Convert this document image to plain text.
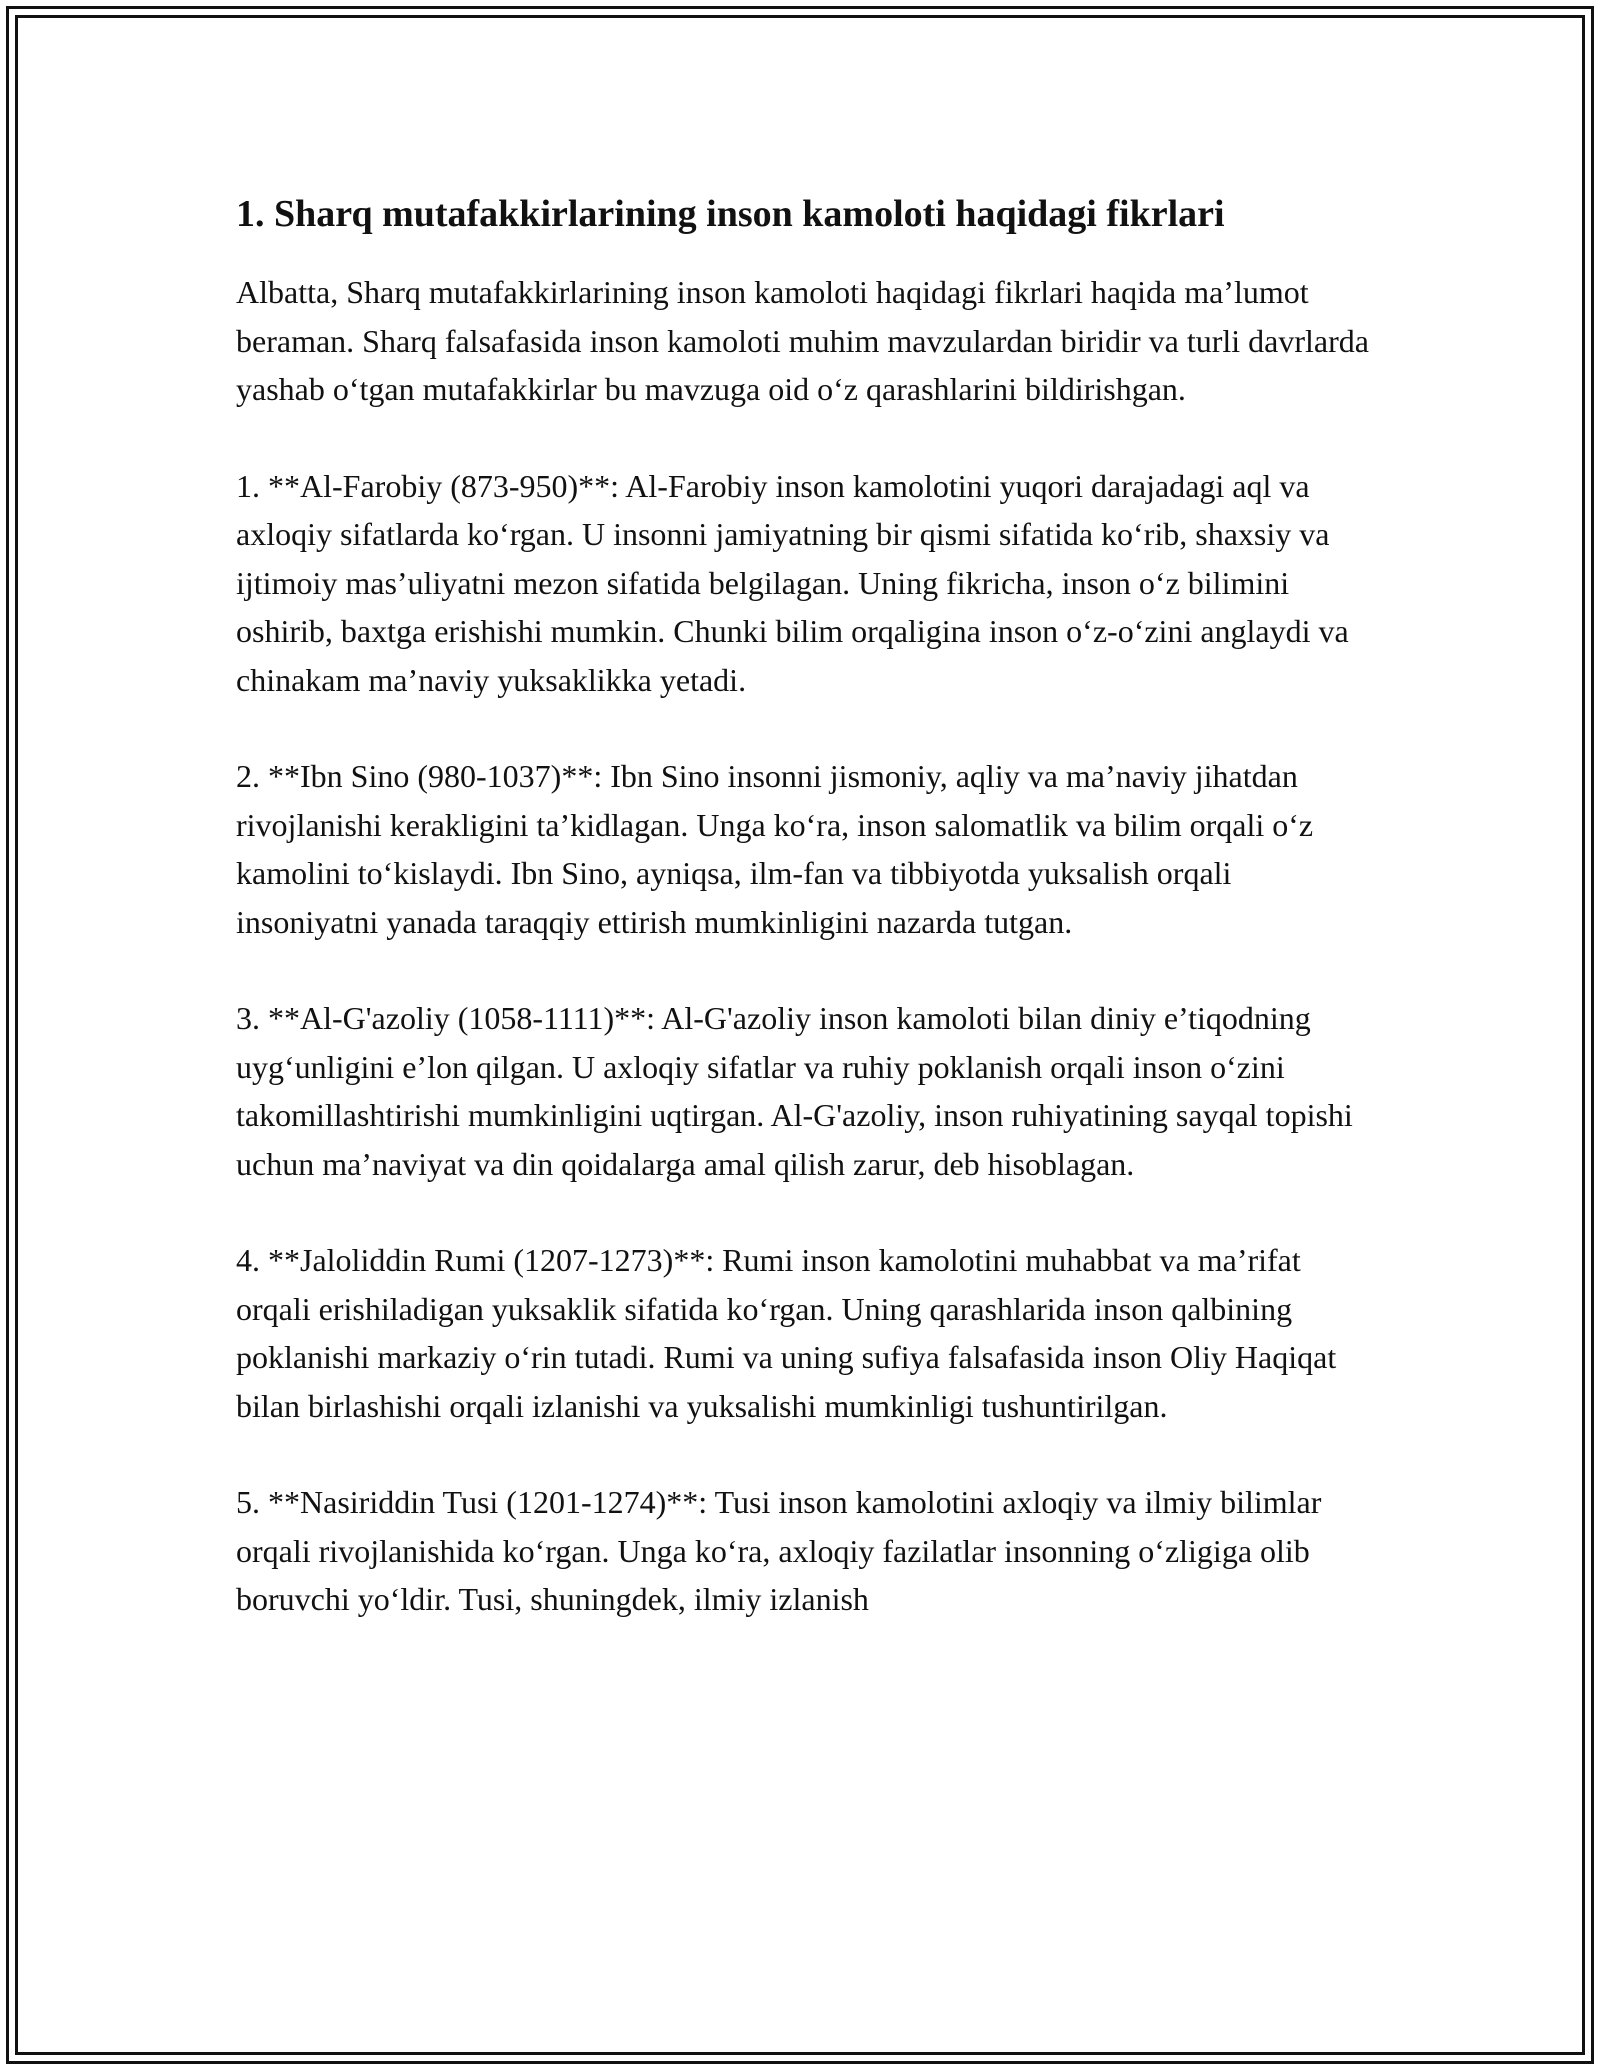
1. Sharq mutafakkirlarining inson kamoloti haqidagi fikrlari

Albatta, Sharq mutafakkirlarining inson kamoloti haqidagi fikrlari haqida ma’lumot beraman. Sharq falsafasida inson kamoloti muhim mavzulardan biridir va turli davrlarda yashab o‘tgan mutafakkirlar bu mavzuga oid o‘z qarashlarini bildirishgan.

1. **Al-Farobiy (873-950)**: Al-Farobiy inson kamolotini yuqori darajadagi aql va axloqiy sifatlarda ko‘rgan. U insonni jamiyatning bir qismi sifatida ko‘rib, shaxsiy va ijtimoiy mas’uliyatni mezon sifatida belgilagan. Uning fikricha, inson o‘z bilimini oshirib, baxtga erishishi mumkin. Chunki bilim orqaligina inson o‘z-o‘zini anglaydi va chinakam ma’naviy yuksaklikka yetadi.

2. **Ibn Sino (980-1037)**: Ibn Sino insonni jismoniy, aqliy va ma’naviy jihatdan rivojlanishi kerakligini ta’kidlagan. Unga ko‘ra, inson salomatlik va bilim orqali o‘z kamolini to‘kislaydi. Ibn Sino, ayniqsa, ilm-fan va tibbiyotda yuksalish orqali insoniyatni yanada taraqqiy ettirish mumkinligini nazarda tutgan.

3. **Al-G'azoliy (1058-1111)**: Al-G'azoliy inson kamoloti bilan diniy e’tiqodning uyg‘unligini e’lon qilgan. U axloqiy sifatlar va ruhiy poklanish orqali inson o‘zini takomillashtirishi mumkinligini uqtirgan. Al-G'azoliy, inson ruhiyatining sayqal topishi uchun ma’naviyat va din qoidalarga amal qilish zarur, deb hisoblagan.

4. **Jaloliddin Rumi (1207-1273)**: Rumi inson kamolotini muhabbat va ma’rifat orqali erishiladigan yuksaklik sifatida ko‘rgan. Uning qarashlarida inson qalbining poklanishi markaziy o‘rin tutadi. Rumi va uning sufiya falsafasida inson Oliy Haqiqat bilan birlashishi orqali izlanishi va yuksalishi mumkinligi tushuntirilgan.

5. **Nasiriddin Tusi (1201-1274)**: Tusi inson kamolotini axloqiy va ilmiy bilimlar orqali rivojlanishida ko‘rgan. Unga ko‘ra, axloqiy fazilatlar insonning o‘zligiga olib boruvchi yo‘ldir. Tusi, shuningdek, ilmiy izlanish
